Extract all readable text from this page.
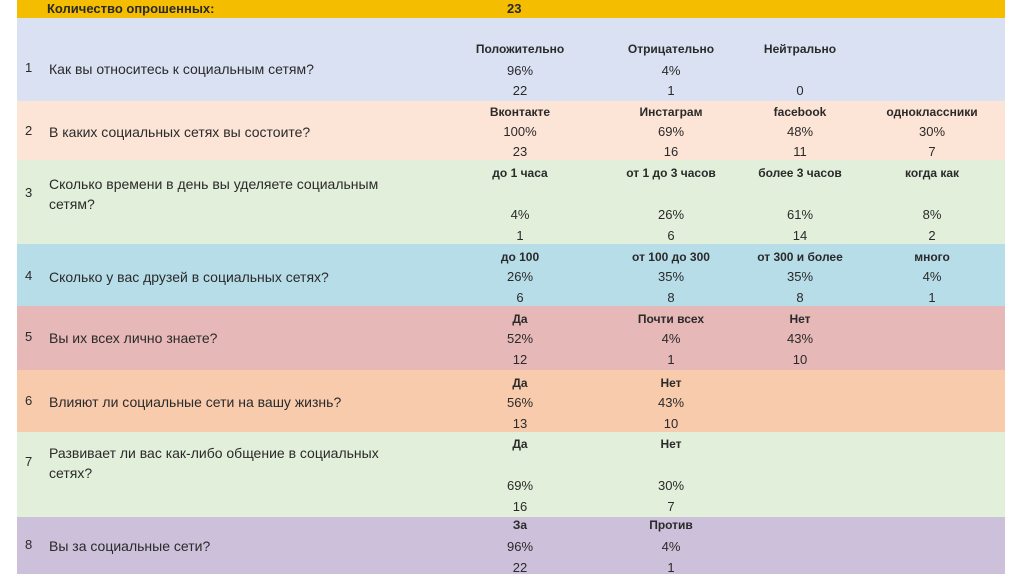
Количество опрошенных:	23
1 Как вы относитесь к социальным сетям?
Положительно
96%
22
Отрицательно
4%
1
Нейтрально
0
2 В каких социальных сетях вы состоите?
Вконтакте
100%
23
Инстаграм
69%
16
facebook
48%
11
одноклассники
30%
7
3
Сколько времени в день вы уделяете социальным сетям?
до 1 часа
4%
1
от 1 до 3 часов
26%
6
более 3 часов
61%
14
когда как
8%
2
4 Сколько у вас друзей в социальных сетях?
до 100
26%
6
от 100 до 300
35%
8
от 300 и более
35%
8
много
4%
1
5 Вы их всех лично знаете?
Да
52%
12
Почти всех
4%
1
Нет
43%
10
6 Влияют ли социальные сети на вашу жизнь?
Да
56%
13
Нет
43%
10
7
Развивает ли вас как-либо общение в социальных сетях?
Да
69%
16
Нет
30%
7
8 Вы за социальные сети?
За
96%
22
Против
4%
1
